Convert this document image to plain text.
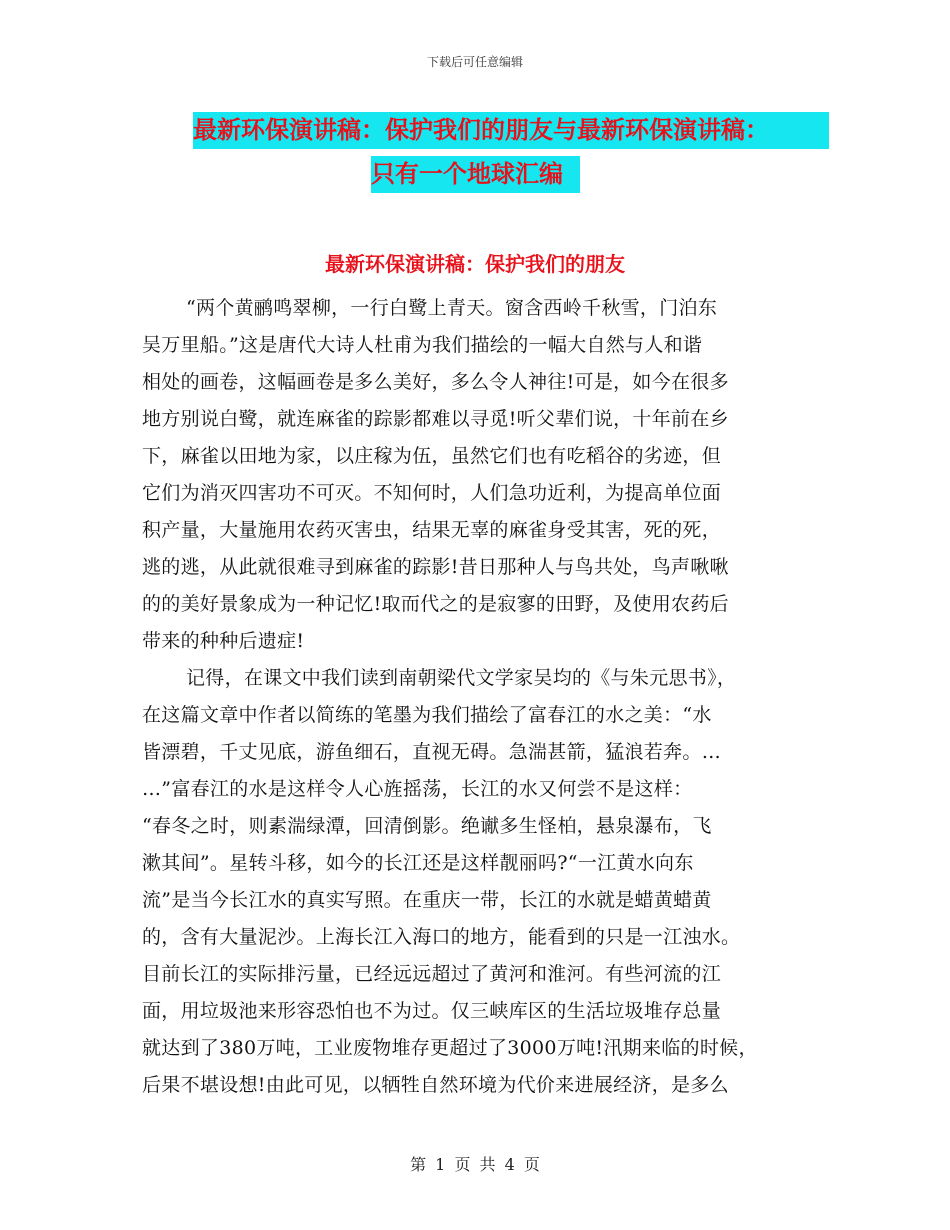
下载后可任意编辑
最新环保演讲稿：保护我们的朋友与最新环保演讲稿：
只有一个地球汇编
最新环保演讲稿：保护我们的朋友
“两个黄鹂鸣翠柳，一行白鹭上青天。窗含西岭千秋雪，门泊东
吴万里船。”这是唐代大诗人杜甫为我们描绘的一幅大自然与人和谐
相处的画卷，这幅画卷是多么美好，多么令人神往!可是，如今在很多
地方别说白鹭，就连麻雀的踪影都难以寻觅!听父辈们说，十年前在乡
下，麻雀以田地为家，以庄稼为伍，虽然它们也有吃稻谷的劣迹，但
它们为消灭四害功不可灭。不知何时，人们急功近利，为提高单位面
积产量，大量施用农药灭害虫，结果无辜的麻雀身受其害，死的死，
逃的逃，从此就很难寻到麻雀的踪影!昔日那种人与鸟共处，鸟声啾啾
的的美好景象成为一种记忆!取而代之的是寂寥的田野，及使用农药后
带来的种种后遗症!
记得，在课文中我们读到南朝梁代文学家吴均的《与朱元思书》，
在这篇文章中作者以简练的笔墨为我们描绘了富春江的水之美：“水
皆漂碧，千丈见底，游鱼细石，直视无碍。急湍甚箭，猛浪若奔。…
…”富春江的水是这样令人心旌摇荡，长江的水又何尝不是这样：
“春冬之时，则素湍绿潭，回清倒影。绝谳多生怪柏，悬泉瀑布，飞
漱其间”。星转斗移，如今的长江还是这样靓丽吗?“一江黄水向东
流”是当今长江水的真实写照。在重庆一带，长江的水就是蜡黄蜡黄
的，含有大量泥沙。上海长江入海口的地方，能看到的只是一江浊水。
目前长江的实际排污量，已经远远超过了黄河和淮河。有些河流的江
面，用垃圾池来形容恐怕也不为过。仅三峡库区的生活垃圾堆存总量
就达到了380万吨，工业废物堆存更超过了3000万吨!汛期来临的时候，
后果不堪设想!由此可见，以牺牲自然环境为代价来进展经济，是多么
第 1 页 共 4 页
